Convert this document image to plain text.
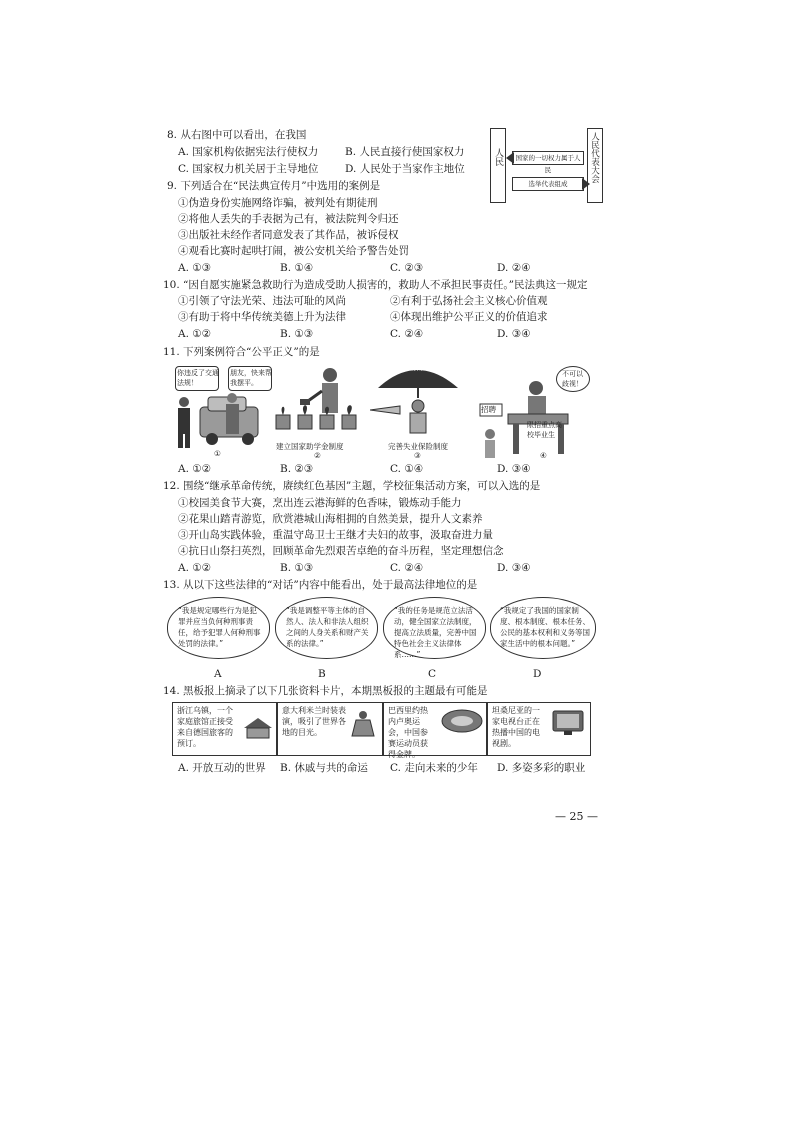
8. 从右图中可以看出，在我国
A. 国家机构依据宪法行使权力	B. 人民直接行使国家权力
C. 国家权力机关居于主导地位	D. 人民处于当家作主地位
人民	人民代表大会
国家的一切权力属于人民
选举代表组成
9. 下列适合在“民法典宣传月”中选用的案例是
①伪造身份实施网络诈骗，被判处有期徒刑
②将他人丢失的手表据为己有，被法院判令归还
③出版社未经作者同意发表了其作品，被诉侵权
④观看比赛时起哄打闹，被公安机关给予警告处罚
A. ①③	B. ①④	C. ②③	D. ②④
10. “因自愿实施紧急救助行为造成受助人损害的，救助人不承担民事责任。”民法典这一规定
①引领了守法光荣、违法可耻的风尚	②有利于弘扬社会主义核心价值观
③有助于将中华传统美德上升为法律	④体现出维护公平正义的价值追求
A. ①②	B. ①③	C. ②④	D. ③④
11. 下列案例符合“公平正义”的是
你违反了交通法规！
朋友，快来帮我摆平。
①
建立国家助学金制度
②
失业保险
完善失业保险制度
③
不可以歧视！
招聘
限招重点高校毕业生
④
A. ①②	B. ②③	C. ①④	D. ③④
12. 围绕“继承革命传统，赓续红色基因”主题，学校征集活动方案，可以入选的是
①校园美食节大赛，烹出连云港海鲜的色香味，锻炼动手能力
②花果山踏青游览，欣赏港城山海相拥的自然美景，提升人文素养
③开山岛实践体验，重温守岛卫士王继才夫妇的故事，汲取奋进力量
④抗日山祭扫英烈，回顾革命先烈艰苦卓绝的奋斗历程，坚定理想信念
A. ①②	B. ①③	C. ②④	D. ③④
13. 从以下这些法律的“对话”内容中能看出，处于最高法律地位的是
“我是规定哪些行为是犯罪并应当负何种刑事责任，给予犯罪人何种刑事处罚的法律。”
A
“我是调整平等主体的自然人、法人和非法人组织之间的人身关系和财产关系的法律。”
B
“我的任务是规范立法活动，健全国家立法制度，提高立法质量，完善中国特色社会主义法律体系……”
C
“我规定了我国的国家制度、根本制度、根本任务、公民的基本权利和义务等国家生活中的根本问题。”
D
14. 黑板报上摘录了以下几张资料卡片，本期黑板报的主题最有可能是
浙江乌镇，一个家庭旅馆正接受来自德国旅客的预订。
意大利米兰时装表演，吸引了世界各地的目光。
巴西里约热内卢奥运会，中国参赛运动员获得金牌。
坦桑尼亚的一家电视台正在热播中国的电视剧。
A. 开放互动的世界 B. 休戚与共的命运 C. 走向未来的少年 D. 多姿多彩的职业
— 25 —
